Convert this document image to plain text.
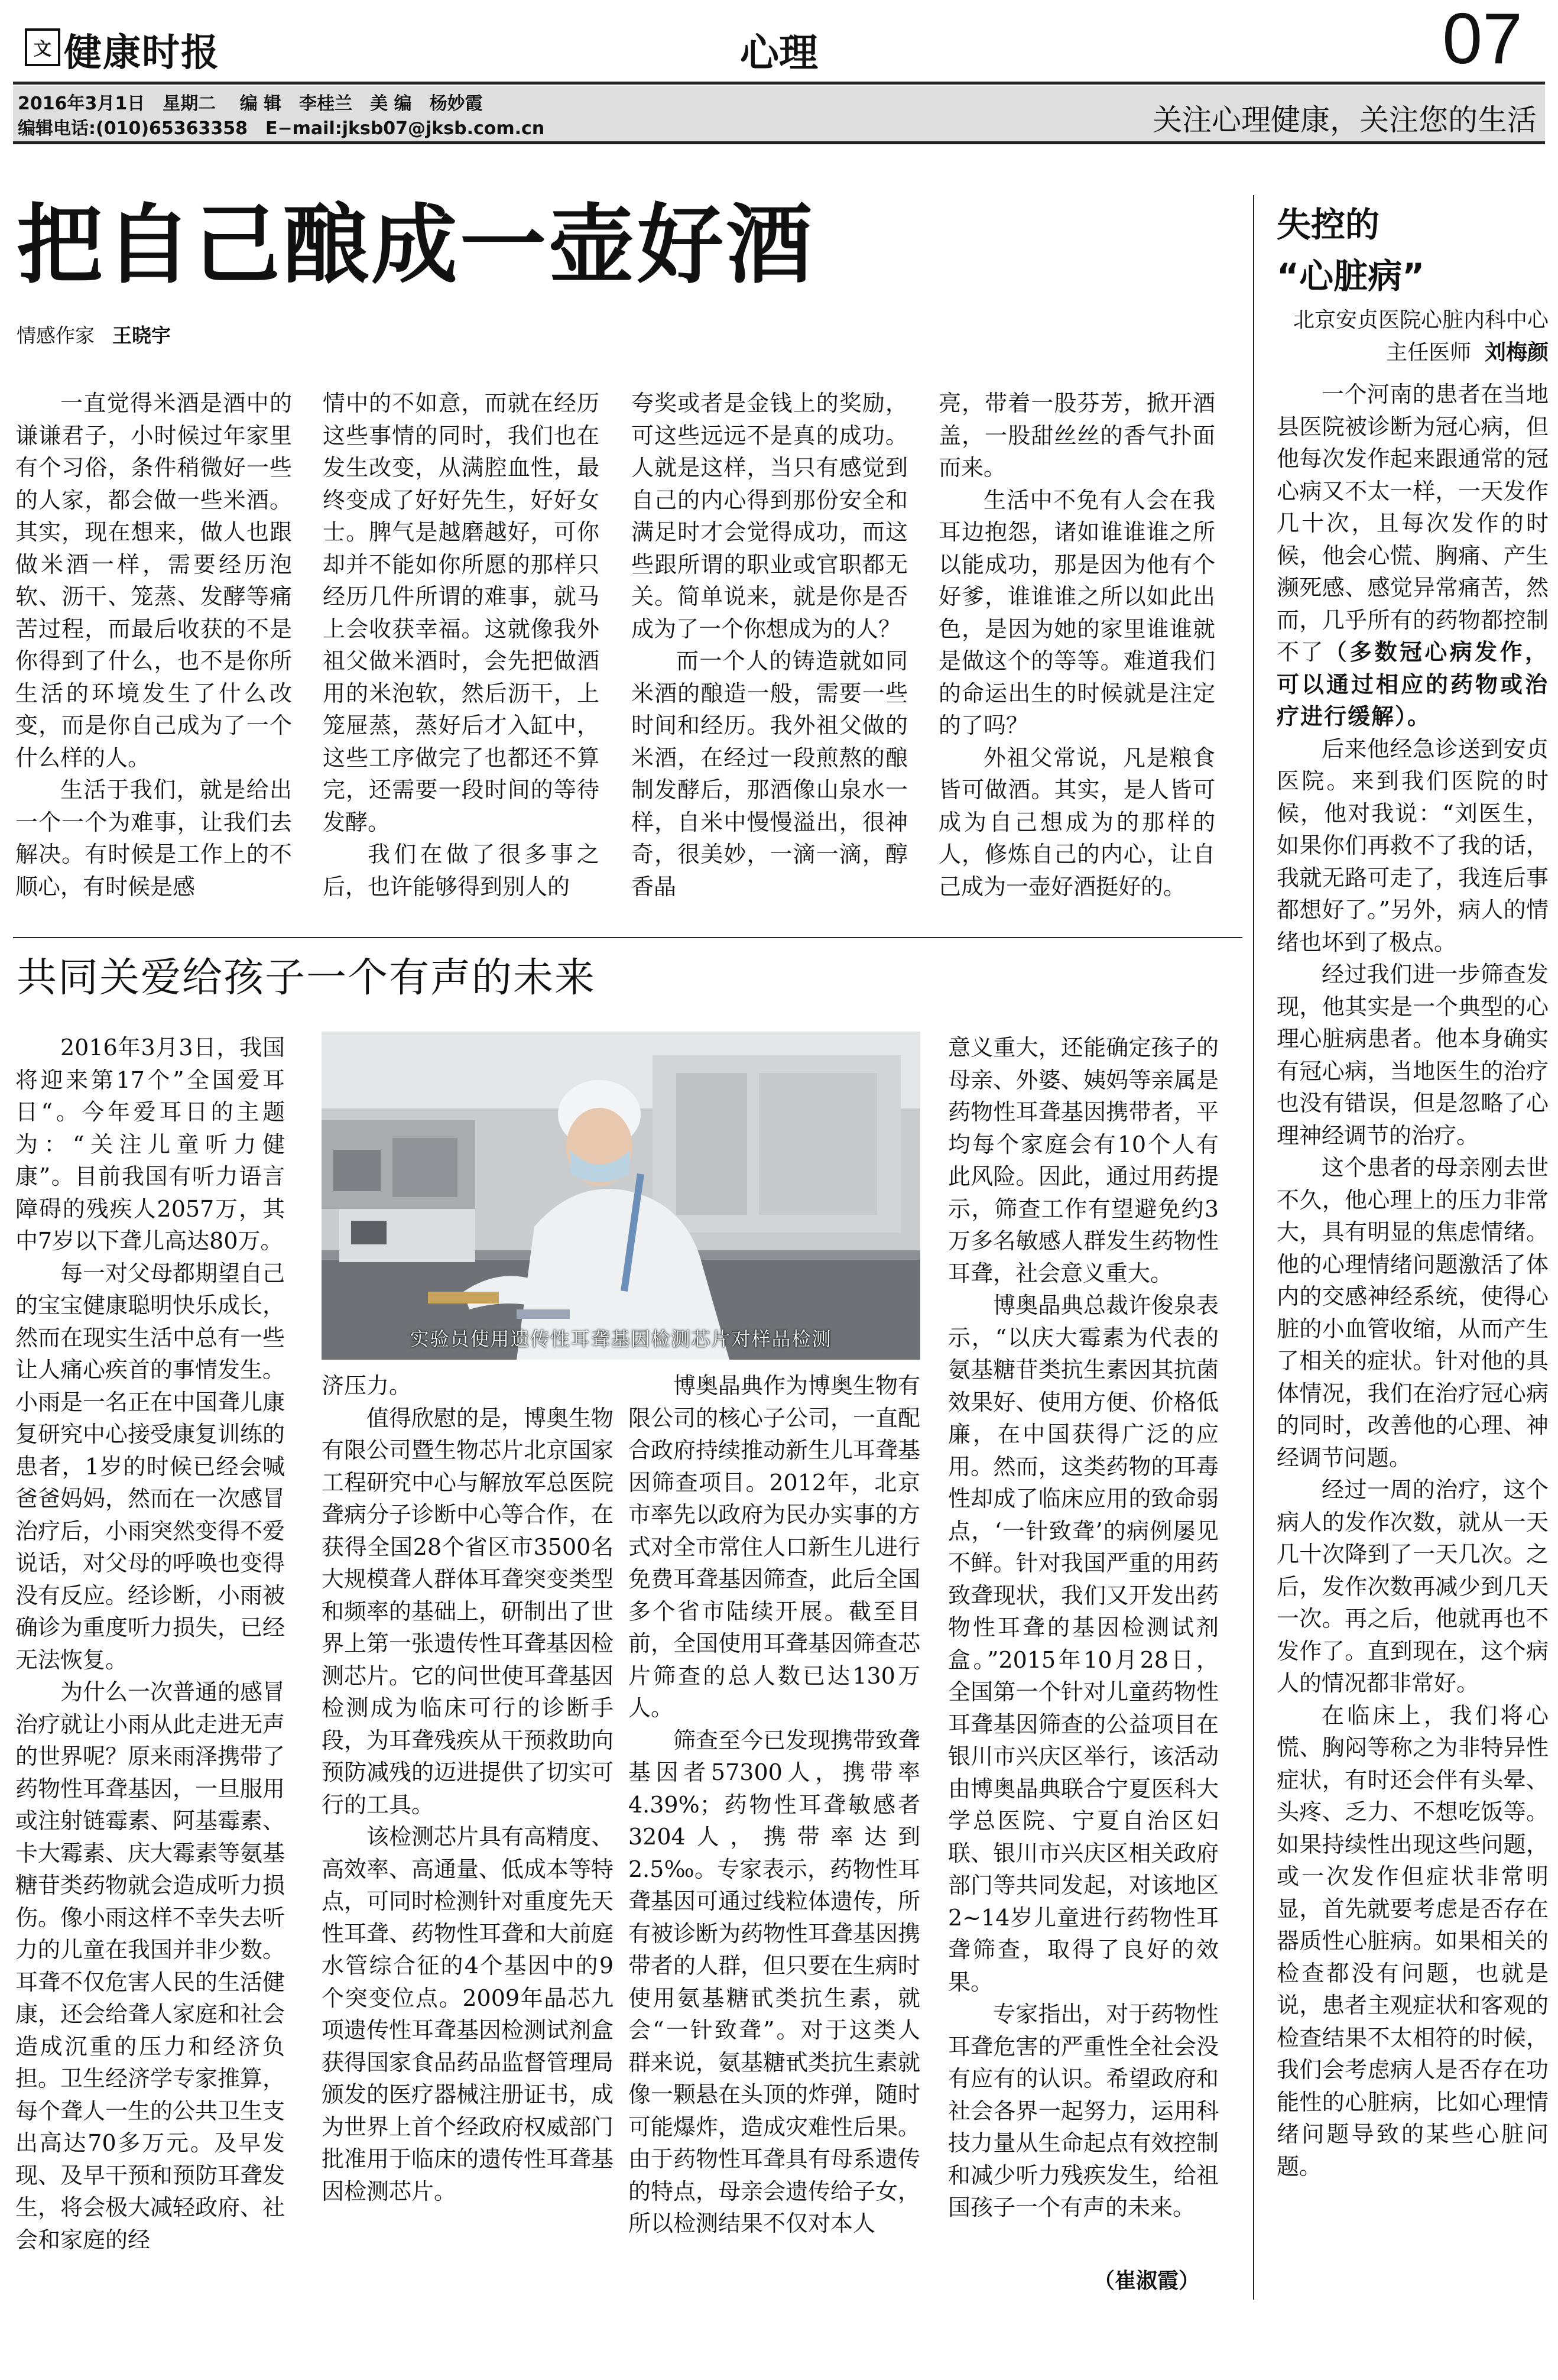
文 健康时报	心理	07
2016年3月1日　星期二　 编 辑　李桂兰　美 编　杨妙霞
编辑电话:(010)65363358　E−mail:jksb07@jksb.com.cn	关注心理健康，关注您的生活
把自己酿成一壶好酒
情感作家 王晓宇

一直觉得米酒是酒中的谦谦君子，小时候过年家里有个习俗，条件稍微好一些的人家，都会做一些米酒。其实，现在想来，做人也跟做米酒一样，需要经历泡软、沥干、笼蒸、发酵等痛苦过程，而最后收获的不是你得到了什么，也不是你所生活的环境发生了什么改变，而是你自己成为了一个什么样的人。

生活于我们，就是给出一个一个为难事，让我们去解决。有时候是工作上的不顺心，有时候是感

情中的不如意，而就在经历这些事情的同时，我们也在发生改变，从满腔血性，最终变成了好好先生，好好女士。脾气是越磨越好，可你却并不能如你所愿的那样只经历几件所谓的难事，就马上会收获幸福。这就像我外祖父做米酒时，会先把做酒用的米泡软，然后沥干，上笼屉蒸，蒸好后才入缸中，这些工序做完了也都还不算完，还需要一段时间的等待发酵。

我们在做了很多事之后，也许能够得到别人的

夸奖或者是金钱上的奖励，可这些远远不是真的成功。人就是这样，当只有感觉到自己的内心得到那份安全和满足时才会觉得成功，而这些跟所谓的职业或官职都无关。简单说来，就是你是否成为了一个你想成为的人？

而一个人的铸造就如同米酒的酿造一般，需要一些时间和经历。我外祖父做的米酒，在经过一段煎熬的酿制发酵后，那酒像山泉水一样，自米中慢慢溢出，很神奇，很美妙，一滴一滴，醇香晶

亮，带着一股芬芳，掀开酒盖，一股甜丝丝的香气扑面而来。

生活中不免有人会在我耳边抱怨，诸如谁谁谁之所以能成功，那是因为他有个好爹，谁谁谁之所以如此出色，是因为她的家里谁谁就是做这个的等等。难道我们的命运出生的时候就是注定的了吗？

外祖父常说，凡是粮食皆可做酒。其实，是人皆可成为自己想成为的那样的人，修炼自己的内心，让自己成为一壶好酒挺好的。

共同关爱给孩子一个有声的未来

2016年3月3日，我国将迎来第17个”全国爱耳日“。今年爱耳日的主题为：“关注儿童听力健康”。目前我国有听力语言障碍的残疾人2057万，其中7岁以下聋儿高达80万。

每一对父母都期望自己的宝宝健康聪明快乐成长，然而在现实生活中总有一些让人痛心疾首的事情发生。小雨是一名正在中国聋儿康复研究中心接受康复训练的患者，1岁的时候已经会喊爸爸妈妈，然而在一次感冒治疗后，小雨突然变得不爱说话，对父母的呼唤也变得没有反应。经诊断，小雨被确诊为重度听力损失，已经无法恢复。

为什么一次普通的感冒治疗就让小雨从此走进无声的世界呢？原来雨泽携带了药物性耳聋基因，一旦服用或注射链霉素、阿基霉素、卡大霉素、庆大霉素等氨基糖苷类药物就会造成听力损伤。像小雨这样不幸失去听力的儿童在我国并非少数。耳聋不仅危害人民的生活健康，还会给聋人家庭和社会造成沉重的压力和经济负担。卫生经济学专家推算，每个聋人一生的公共卫生支出高达70多万元。及早发现、及早干预和预防耳聋发生，将会极大减轻政府、社会和家庭的经

实验员使用遗传性耳聋基因检测芯片对样品检测

济压力。

值得欣慰的是，博奥生物有限公司暨生物芯片北京国家工程研究中心与解放军总医院聋病分子诊断中心等合作，在获得全国28个省区市3500名大规模聋人群体耳聋突变类型和频率的基础上，研制出了世界上第一张遗传性耳聋基因检测芯片。它的问世使耳聋基因检测成为临床可行的诊断手段，为耳聋残疾从干预救助向预防减残的迈进提供了切实可行的工具。

该检测芯片具有高精度、高效率、高通量、低成本等特点，可同时检测针对重度先天性耳聋、药物性耳聋和大前庭水管综合征的4个基因中的9个突变位点。2009年晶芯九项遗传性耳聋基因检测试剂盒获得国家食品药品监督管理局颁发的医疗器械注册证书，成为世界上首个经政府权威部门批准用于临床的遗传性耳聋基因检测芯片。

博奥晶典作为博奥生物有限公司的核心子公司，一直配合政府持续推动新生儿耳聋基因筛查项目。2012年，北京市率先以政府为民办实事的方式对全市常住人口新生儿进行免费耳聋基因筛查，此后全国多个省市陆续开展。截至目前，全国使用耳聋基因筛查芯片筛查的总人数已达130万人。

筛查至今已发现携带致聋基因者57300人，携带率4.39%；药物性耳聋敏感者3204人，携带率达到2.5‰。专家表示，药物性耳聋基因可通过线粒体遗传，所有被诊断为药物性耳聋基因携带者的人群，但只要在生病时使用氨基糖甙类抗生素，就会“一针致聋”。对于这类人群来说，氨基糖甙类抗生素就像一颗悬在头顶的炸弹，随时可能爆炸，造成灾难性后果。由于药物性耳聋具有母系遗传的特点，母亲会遗传给子女，所以检测结果不仅对本人

意义重大，还能确定孩子的母亲、外婆、姨妈等亲属是药物性耳聋基因携带者，平均每个家庭会有10个人有此风险。因此，通过用药提示，筛查工作有望避免约3万多名敏感人群发生药物性耳聋，社会意义重大。

博奥晶典总裁许俊泉表示，“以庆大霉素为代表的氨基糖苷类抗生素因其抗菌效果好、使用方便、价格低廉，在中国获得广泛的应用。然而，这类药物的耳毒性却成了临床应用的致命弱点，‘一针致聋’的病例屡见不鲜。针对我国严重的用药致聋现状，我们又开发出药物性耳聋的基因检测试剂盒。”2015年10月28日，全国第一个针对儿童药物性耳聋基因筛查的公益项目在银川市兴庆区举行，该活动由博奥晶典联合宁夏医科大学总医院、宁夏自治区妇联、银川市兴庆区相关政府部门等共同发起，对该地区2~14岁儿童进行药物性耳聋筛查，取得了良好的效果。

专家指出，对于药物性耳聋危害的严重性全社会没有应有的认识。希望政府和社会各界一起努力，运用科技力量从生命起点有效控制和减少听力残疾发生，给祖国孩子一个有声的未来。

（崔淑霞）
失控的
“心脏病”
北京安贞医院心脏内科中心主任医师 刘梅颜

一个河南的患者在当地县医院被诊断为冠心病，但他每次发作起来跟通常的冠心病又不太一样，一天发作几十次，且每次发作的时候，他会心慌、胸痛、产生濒死感、感觉异常痛苦，然而，几乎所有的药物都控制不了（多数冠心病发作，可以通过相应的药物或治疗进行缓解）。

后来他经急诊送到安贞医院。来到我们医院的时候，他对我说：“刘医生，如果你们再救不了我的话，我就无路可走了，我连后事都想好了。”另外，病人的情绪也坏到了极点。

经过我们进一步筛查发现，他其实是一个典型的心理心脏病患者。他本身确实有冠心病，当地医生的治疗也没有错误，但是忽略了心理神经调节的治疗。

这个患者的母亲刚去世不久，他心理上的压力非常大，具有明显的焦虑情绪。他的心理情绪问题激活了体内的交感神经系统，使得心脏的小血管收缩，从而产生了相关的症状。针对他的具体情况，我们在治疗冠心病的同时，改善他的心理、神经调节问题。

经过一周的治疗，这个病人的发作次数，就从一天几十次降到了一天几次。之后，发作次数再减少到几天一次。再之后，他就再也不发作了。直到现在，这个病人的情况都非常好。

在临床上，我们将心慌、胸闷等称之为非特异性症状，有时还会伴有头晕、头疼、乏力、不想吃饭等。如果持续性出现这些问题，或一次发作但症状非常明显，首先就要考虑是否存在器质性心脏病。如果相关的检查都没有问题，也就是说，患者主观症状和客观的检查结果不太相符的时候，我们会考虑病人是否存在功能性的心脏病，比如心理情绪问题导致的某些心脏问题。
